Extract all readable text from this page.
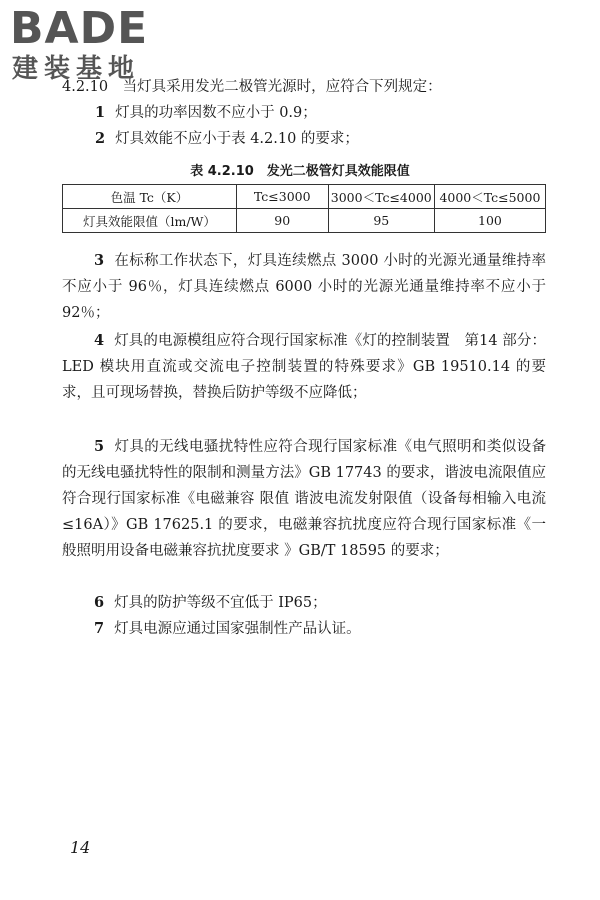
BADE
建装基地

4.2.10　当灯具采用发光二极管光源时，应符合下列规定：

1 灯具的功率因数不应小于 0.9；

2 灯具效能不应小于表 4.2.10 的要求；

表 4.2.10　发光二极管灯具效能限值
色温 Tc（K）	Tc≤3000	3000＜Tc≤4000	4000＜Tc≤5000
灯具效能限值（lm/W）	90	95	100

3 在标称工作状态下，灯具连续燃点 3000 小时的光源光通量维持率不应小于 96％，灯具连续燃点 6000 小时的光源光通量维持率不应小于 92％；

4 灯具的电源模组应符合现行国家标准《灯的控制装置　第14 部分：LED 模块用直流或交流电子控制装置的特殊要求》GB 19510.14 的要求，且可现场替换，替换后防护等级不应降低；

5 灯具的无线电骚扰特性应符合现行国家标准《电气照明和类似设备的无线电骚扰特性的限制和测量方法》GB 17743 的要求，谐波电流限值应符合现行国家标准《电磁兼容 限值 谐波电流发射限值（设备每相输入电流≤16A）》GB 17625.1 的要求，电磁兼容抗扰度应符合现行国家标准《一般照明用设备电磁兼容抗扰度要求 》GB/T 18595 的要求；

6 灯具的防护等级不宜低于 IP65；

7 灯具电源应通过国家强制性产品认证。

14
